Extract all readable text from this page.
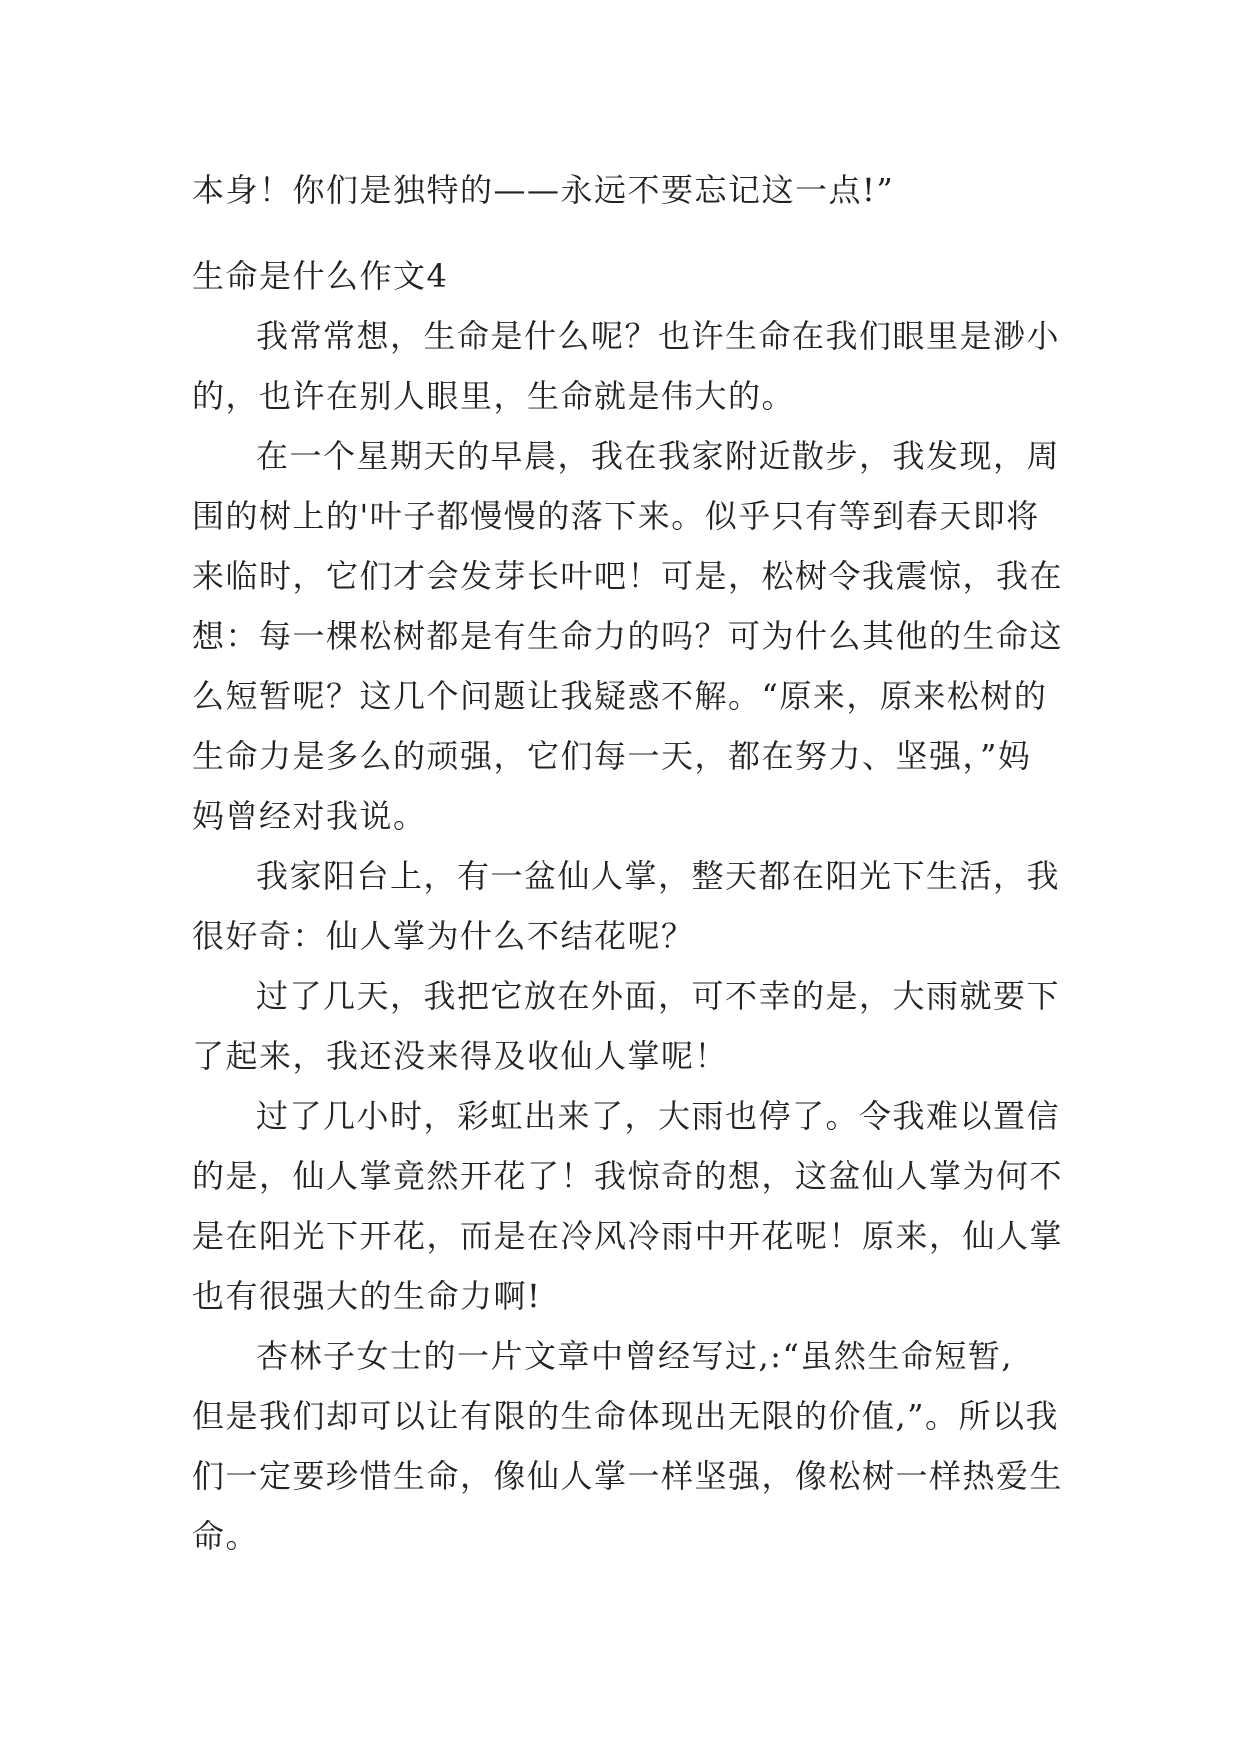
本身！你们是独特的——永远不要忘记这一点!”

生命是什么作文4

我常常想，生命是什么呢？也许生命在我们眼里是渺小

的，也许在别人眼里，生命就是伟大的。

在一个星期天的早晨，我在我家附近散步，我发现，周

围的树上的'叶子都慢慢的落下来。似乎只有等到春天即将

来临时，它们才会发芽长叶吧！可是，松树令我震惊，我在

想：每一棵松树都是有生命力的吗？可为什么其他的生命这

么短暂呢？这几个问题让我疑惑不解。“原来，原来松树的

生命力是多么的顽强，它们每一天，都在努力、坚强，”妈

妈曾经对我说。

我家阳台上，有一盆仙人掌，整天都在阳光下生活，我

很好奇：仙人掌为什么不结花呢？

过了几天，我把它放在外面，可不幸的是，大雨就要下

了起来，我还没来得及收仙人掌呢！

过了几小时，彩虹出来了，大雨也停了。令我难以置信

的是，仙人掌竟然开花了！我惊奇的想，这盆仙人掌为何不

是在阳光下开花，而是在冷风冷雨中开花呢！原来，仙人掌

也有很强大的生命力啊!

杏林子女士的一片文章中曾经写过,:“虽然生命短暂,

但是我们却可以让有限的生命体现出无限的价值,”。所以我

们一定要珍惜生命，像仙人掌一样坚强，像松树一样热爱生

命。
